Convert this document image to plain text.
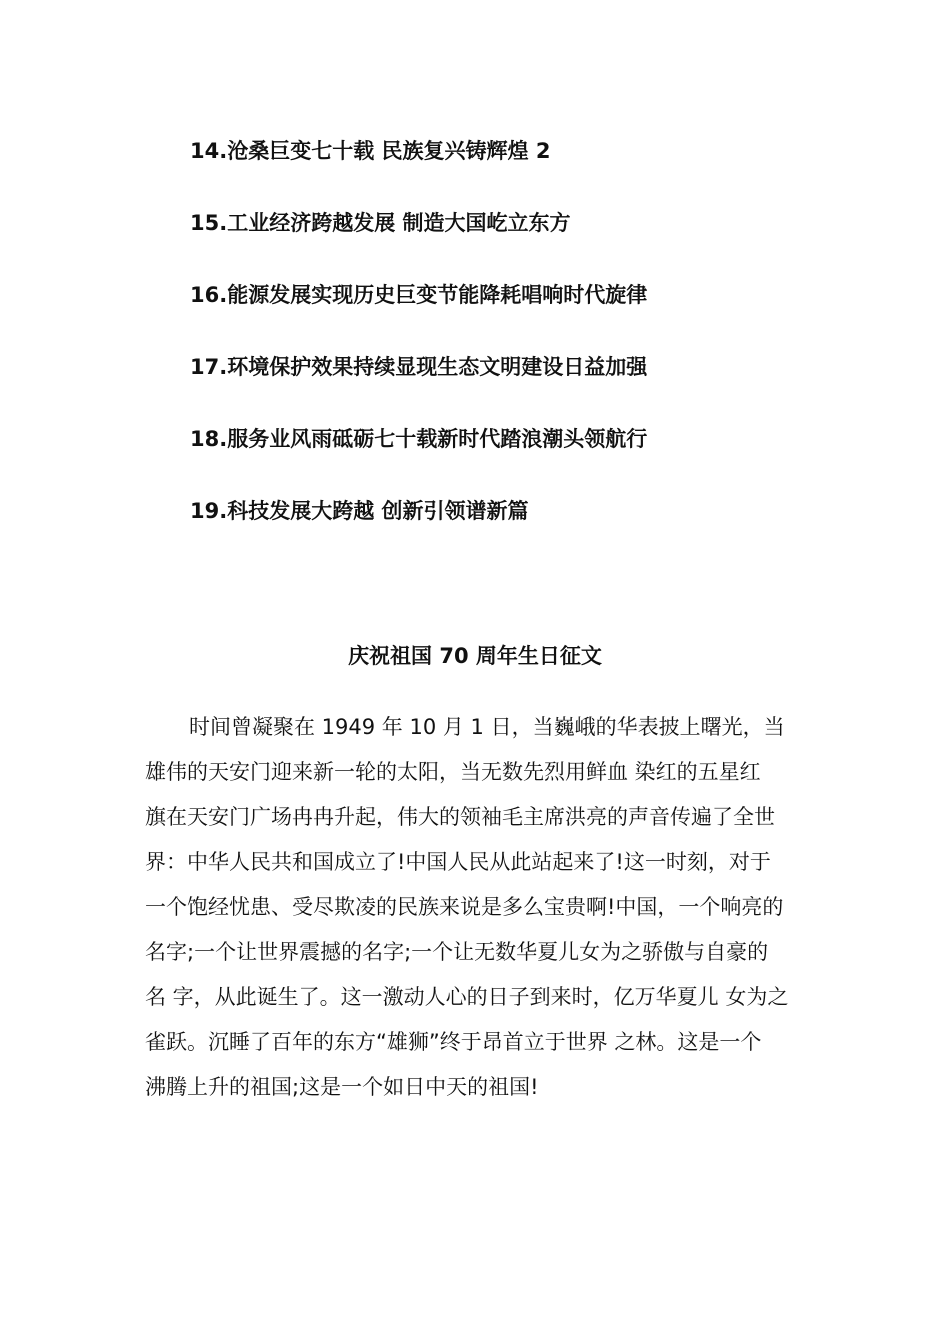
14.沧桑巨变七十载 民族复兴铸辉煌 2
15.工业经济跨越发展 制造大国屹立东方
16.能源发展实现历史巨变节能降耗唱响时代旋律
17.环境保护效果持续显现生态文明建设日益加强
18.服务业风雨砥砺七十载新时代踏浪潮头领航行
19.科技发展大跨越 创新引领谱新篇
庆祝祖国 70 周年生日征文
时间曾凝聚在 1949 年 10 月 1 日，当巍峨的华表披上曙光，当
雄伟的天安门迎来新一轮的太阳，当无数先烈用鲜血 染红的五星红
旗在天安门广场冉冉升起，伟大的领袖毛主席洪亮的声音传遍了全世
界：中华人民共和国成立了!中国人民从此站起来了!这一时刻，对于
一个饱经忧患、受尽欺凌的民族来说是多么宝贵啊!中国，一个响亮的
名字;一个让世界震撼的名字;一个让无数华夏儿女为之骄傲与自豪的
名 字，从此诞生了。这一激动人心的日子到来时，亿万华夏儿 女为之
雀跃。沉睡了百年的东方“雄狮”终于昂首立于世界 之林。这是一个
沸腾上升的祖国;这是一个如日中天的祖国!
